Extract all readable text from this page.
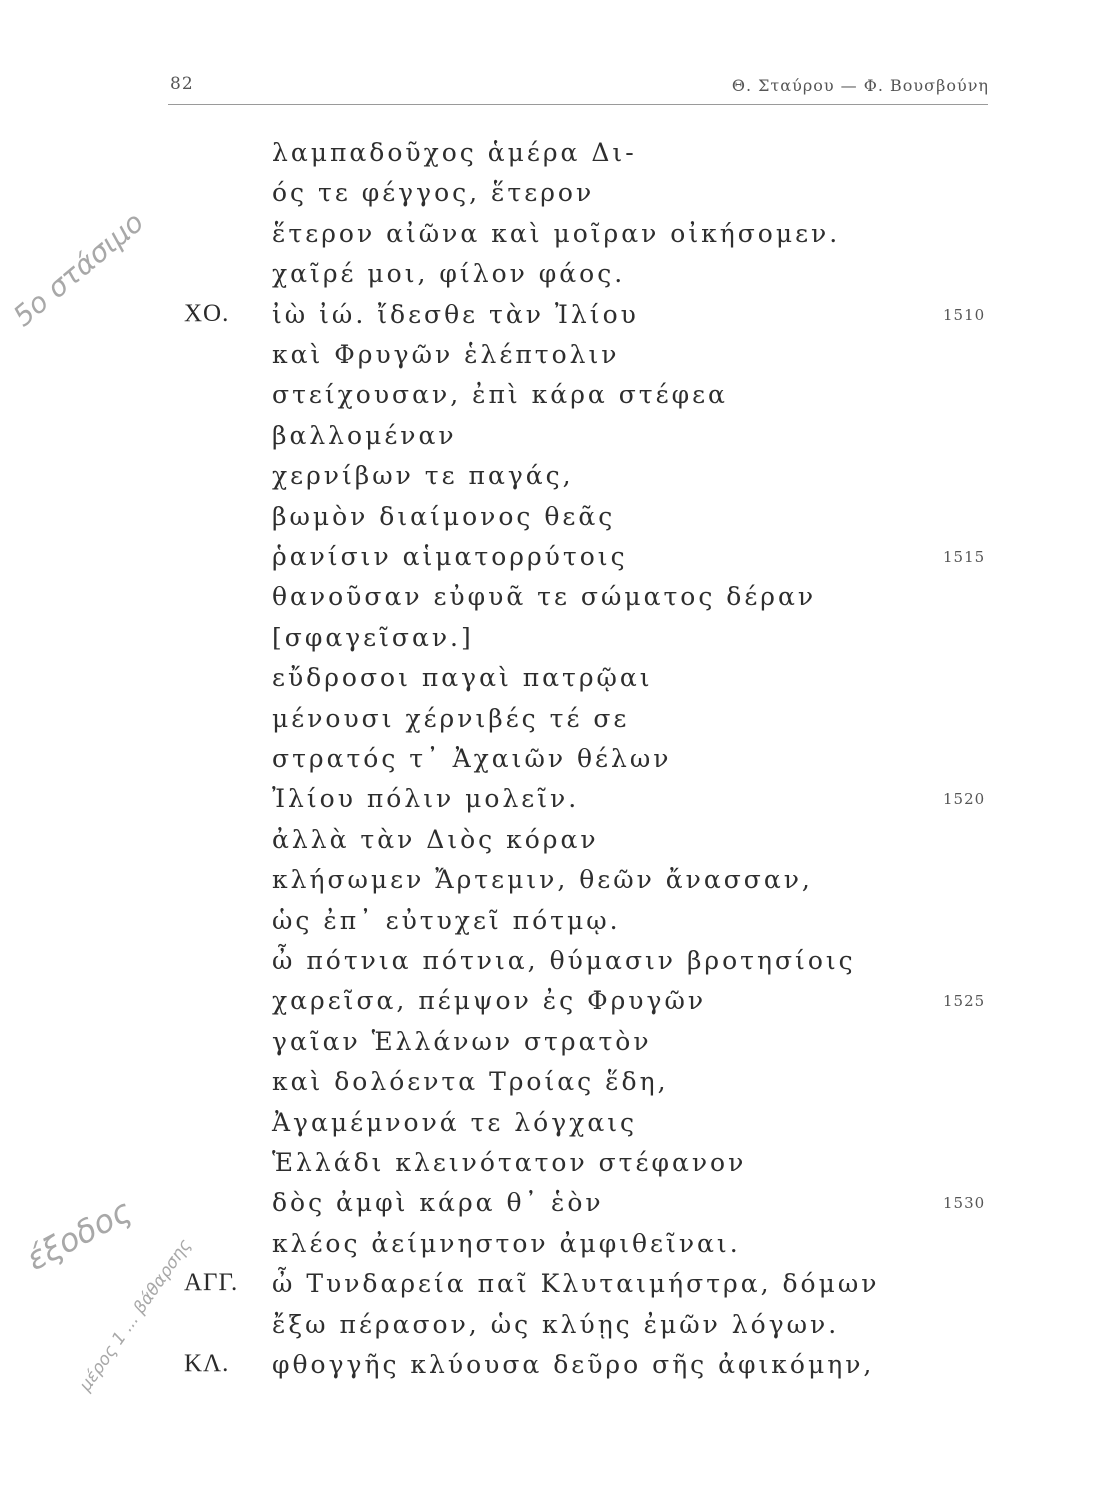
82	Θ. Σταύρου — Φ. Βουσβούνη
λαμπαδοῦχος ἁμέρα Δι-
ός τε φέγγος, ἕτερον
ἕτερον αἰῶνα καὶ μοῖραν οἰκήσομεν.
χαῖρέ μοι, φίλον φάος.
ΧΟ. ἰὼ ἰώ. ἴδεσθε τὰν Ἰλίου	1510
καὶ Φρυγῶν ἑλέπτολιν
στείχουσαν, ἐπὶ κάρα στέφεα
βαλλομέναν
χερνίβων τε παγάς,
βωμὸν διαίμονος θεᾶς
ῥανίσιν αἱματορρύτοις	1515
θανοῦσαν εὐφυᾶ τε σώματος δέραν
[σφαγεῖσαν.]
εὔδροσοι παγαὶ πατρῷαι
μένουσι χέρνιβές τέ σε
στρατός τ᾽ Ἀχαιῶν θέλων
Ἰλίου πόλιν μολεῖν.	1520
ἀλλὰ τὰν Διὸς κόραν
κλήσωμεν Ἄρτεμιν, θεῶν ἄνασσαν,
ὡς ἐπ᾽ εὐτυχεῖ πότμῳ.
ὦ πότνια πότνια, θύμασιν βροτησίοις
χαρεῖσα, πέμψον ἐς Φρυγῶν	1525
γαῖαν Ἑλλάνων στρατὸν
καὶ δολόεντα Τροίας ἕδη,
Ἀγαμέμνονά τε λόγχαις
Ἑλλάδι κλεινότατον στέφανον
δὸς ἀμφὶ κάρα θ᾽ ἑὸν	1530
κλέος ἀείμνηστον ἀμφιθεῖναι.
ΑΓΓ. ὦ Τυνδαρεία παῖ Κλυταιμήστρα, δόμων
ἔξω πέρασον, ὡς κλύῃς ἐμῶν λόγων.
ΚΛ. φθογγῆς κλύουσα δεῦρο σῆς ἀφικόμην,
5ο στάσιμο
έξοδος
μέρος 1 ... βάθαρσης
